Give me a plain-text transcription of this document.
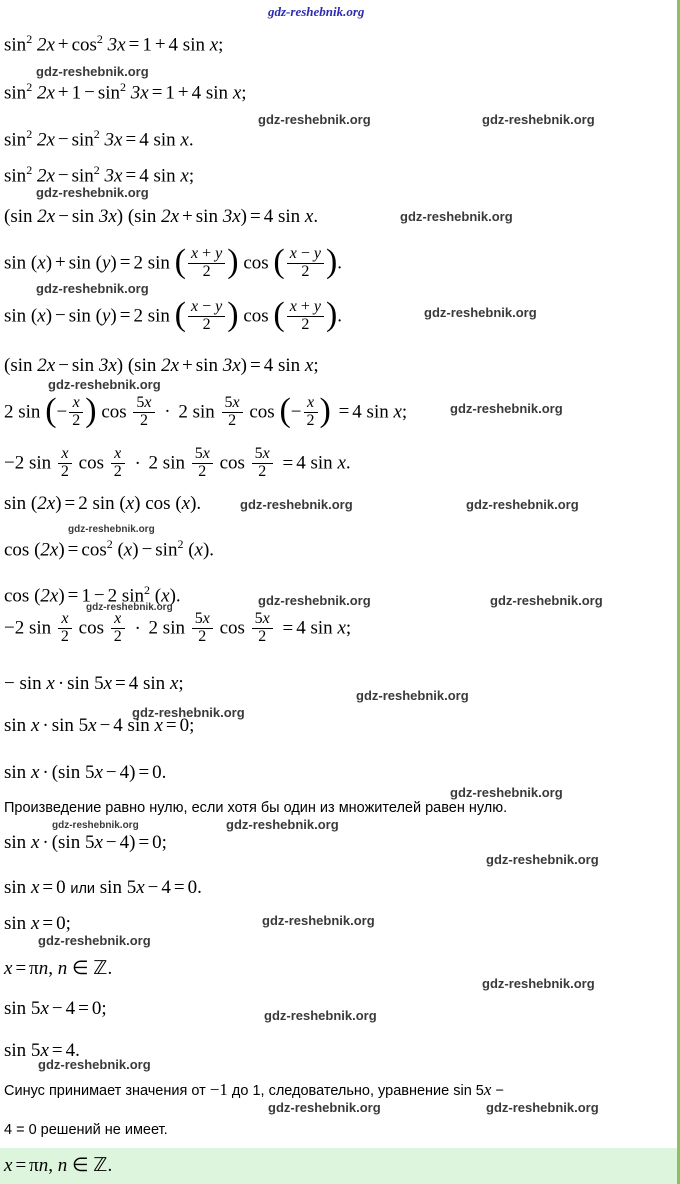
$\sin^2 2x + \cos^2 3x = 1 + 4$ sin x;
$\sin^2 2x + 1 - \sin^2 3x = 1 + 4$ sin x;
$\sin^2 2x - \sin^2 3x = 4$ sin x.
$\sin^2 2x - \sin^2 3x = 4$ sin x;
(sin 2x − sin 3x) (sin 2x + sin 3x) = 4 sin x.
sin (x) + sin (y) = 2 sin ( $\frac{x + y}{2}$ ) cos ( $\frac{x - y}{2}$ ).
sin (x) − sin (y) = 2 sin ( $\frac{x - y}{2}$ ) cos ( $\frac{x + y}{2}$ ).
(sin 2x − sin 3x) (sin 2x + sin 3x) = 4 sin x;
2 sin (− $\frac{x}{2}$ ) $\cos \frac{5x}{2} \cdot 2$ $\sin \frac{5x}{2}$ cos (− $\frac{x}{2}$ ) = 4 sin x;
−2 $\sin \frac{x}{2}$ $\cos \frac{x}{2} \cdot 2$ $\sin \frac{5x}{2}$ $\cos \frac{5x}{2} = 4$ sin x.
sin (2x) = 2 sin (x) cos (x).
$\cos (2x) = \cos^2 (x) - \sin^2 (x)$.
cos (2x) = 1 − 2 $\sin^2 (x)$.
−2 $\sin \frac{x}{2}$ $\cos \frac{x}{2} \cdot 2$ $\sin \frac{5x}{2}$ $\cos \frac{5x}{2} = 4$ sin x;
− sin x · sin 5x = 4 sin x;
sin x · sin 5x − 4 sin x = 0;
sin x · (sin 5x − 4) = 0.
Произведение равно нулю, если хотя бы один из множителей равен нулю.
sin x · (sin 5x − 4) = 0;
sin x = 0 или sin 5x − 4 = 0.
sin x = 0;
x = πn, n ∈ ℤ.
sin 5x − 4 = 0;
sin 5x = 4.
Синус принимает значения от −1 до 1, следовательно, уравнение sin 5x −
4 = 0 решений не имеет.
x = πn, n ∈ ℤ.
gdz-reshebnik.org
gdz-reshebnik.org
gdz-reshebnik.org	gdz-reshebnik.org
gdz-reshebnik.org
gdz-reshebnik.org
gdz-reshebnik.org
gdz-reshebnik.org
gdz-reshebnik.org
gdz-reshebnik.org
gdz-reshebnik.org	gdz-reshebnik.org
gdz-reshebnik.org
gdz-reshebnik.org	gdz-reshebnik.org
gdz-reshebnik.org
gdz-reshebnik.org
gdz-reshebnik.org
gdz-reshebnik.org
gdz-reshebnik.org	gdz-reshebnik.org
gdz-reshebnik.org
gdz-reshebnik.org
gdz-reshebnik.org
gdz-reshebnik.org
gdz-reshebnik.org
gdz-reshebnik.org
gdz-reshebnik.org	gdz-reshebnik.org
